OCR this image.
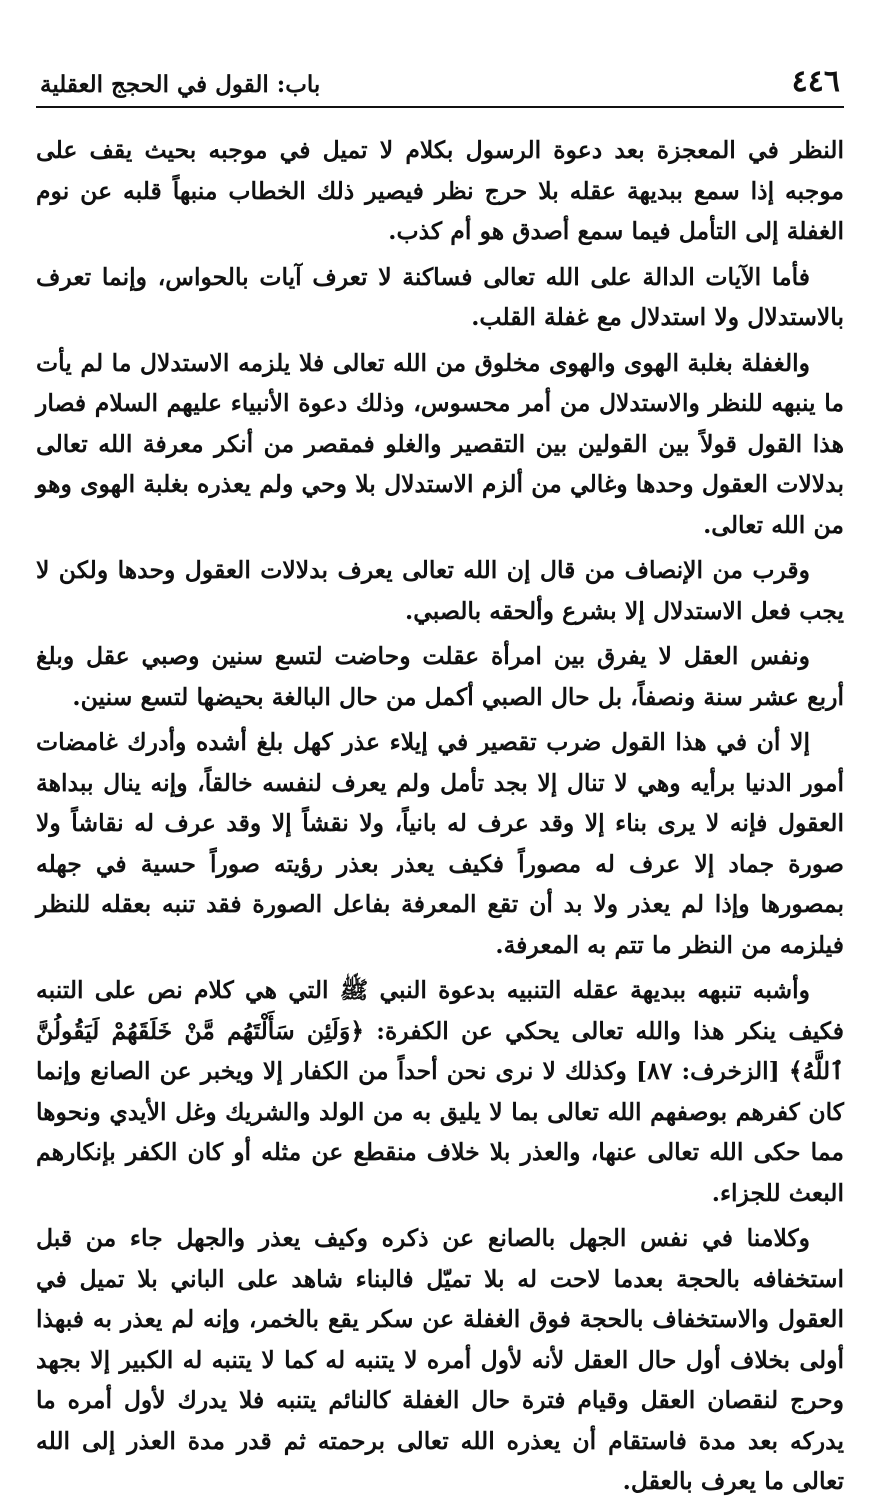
٤٤٦
باب: القول في الحجج العقلية

النظر في المعجزة بعد دعوة الرسول بكلام لا تميل في موجبه بحيث يقف على موجبه إذا سمع ببديهة عقله بلا حرج نظر فيصير ذلك الخطاب منبهاً قلبه عن نوم الغفلة إلى التأمل فيما سمع أصدق هو أم كذب.

فأما الآيات الدالة على الله تعالى فساكنة لا تعرف آيات بالحواس، وإنما تعرف بالاستدلال ولا استدلال مع غفلة القلب.

والغفلة بغلبة الهوى والهوى مخلوق من الله تعالى فلا يلزمه الاستدلال ما لم يأت ما ينبهه للنظر والاستدلال من أمر محسوس، وذلك دعوة الأنبياء عليهم السلام فصار هذا القول قولاً بين القولين بين التقصير والغلو فمقصر من أنكر معرفة الله تعالى بدلالات العقول وحدها وغالي من ألزم الاستدلال بلا وحي ولم يعذره بغلبة الهوى وهو من الله تعالى.

وقرب من الإنصاف من قال إن الله تعالى يعرف بدلالات العقول وحدها ولكن لا يجب فعل الاستدلال إلا بشرع وألحقه بالصبي.

ونفس العقل لا يفرق بين امرأة عقلت وحاضت لتسع سنين وصبي عقل وبلغ أربع عشر سنة ونصفاً، بل حال الصبي أكمل من حال البالغة بحيضها لتسع سنين.

إلا أن في هذا القول ضرب تقصير في إيلاء عذر كهل بلغ أشده وأدرك غامضات أمور الدنيا برأيه وهي لا تنال إلا بجد تأمل ولم يعرف لنفسه خالقاً، وإنه ينال ببداهة العقول فإنه لا يرى بناء إلا وقد عرف له بانياً، ولا نقشاً إلا وقد عرف له نقاشاً ولا صورة جماد إلا عرف له مصوراً فكيف يعذر بعذر رؤيته صوراً حسية في جهله بمصورها وإذا لم يعذر ولا بد أن تقع المعرفة بفاعل الصورة فقد تنبه بعقله للنظر فيلزمه من النظر ما تتم به المعرفة.

وأشبه تنبهه ببديهة عقله التنبيه بدعوة النبي ﷺ التي هي كلام نص على التنبه فكيف ينكر هذا والله تعالى يحكي عن الكفرة: ﴿وَلَئِن سَأَلْتَهُم مَّنْ خَلَقَهُمْ لَيَقُولُنَّ ٱللَّهُ﴾ [الزخرف: ٨٧] وكذلك لا نرى نحن أحداً من الكفار إلا ويخبر عن الصانع وإنما كان كفرهم بوصفهم الله تعالى بما لا يليق به من الولد والشريك وغل الأيدي ونحوها مما حكى الله تعالى عنها، والعذر بلا خلاف منقطع عن مثله أو كان الكفر بإنكارهم البعث للجزاء.

وكلامنا في نفس الجهل بالصانع عن ذكره وكيف يعذر والجهل جاء من قبل استخفافه بالحجة بعدما لاحت له بلا تميّل فالبناء شاهد على الباني بلا تميل في العقول والاستخفاف بالحجة فوق الغفلة عن سكر يقع بالخمر، وإنه لم يعذر به فبهذا أولى بخلاف أول حال العقل لأنه لأول أمره لا يتنبه له كما لا يتنبه له الكبير إلا بجهد وحرج لنقصان العقل وقيام فترة حال الغفلة كالنائم يتنبه فلا يدرك لأول أمره ما يدركه بعد مدة فاستقام أن يعذره الله تعالى برحمته ثم قدر مدة العذر إلى الله تعالى ما يعرف بالعقل.
